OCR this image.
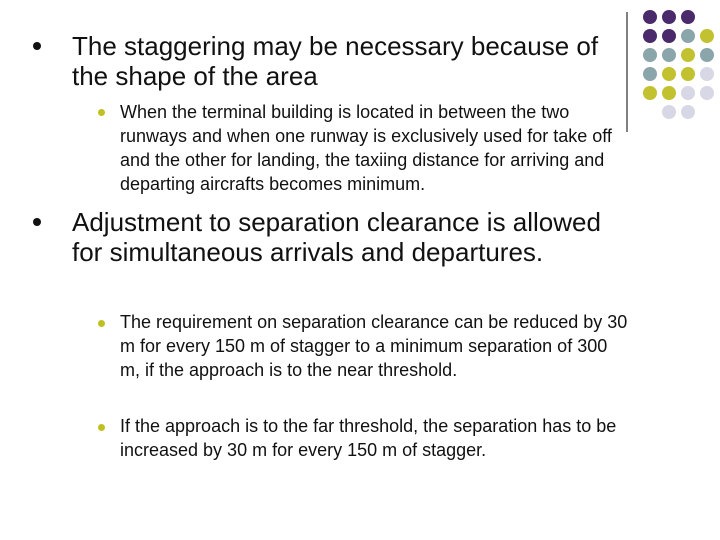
The staggering may be necessary because of the shape of the area
When the terminal building is located in between the two runways and when one runway is exclusively used for take off and the other for landing, the taxiing distance for arriving and departing aircrafts becomes minimum.
Adjustment to separation clearance is allowed for simultaneous arrivals and departures.
The requirement on separation clearance can be reduced by 30 m for every 150 m of stagger to a minimum separation of 300 m, if the approach is to the near threshold.
If the approach is to the far threshold, the separation has to be increased by 30 m for every 150 m of stagger.
